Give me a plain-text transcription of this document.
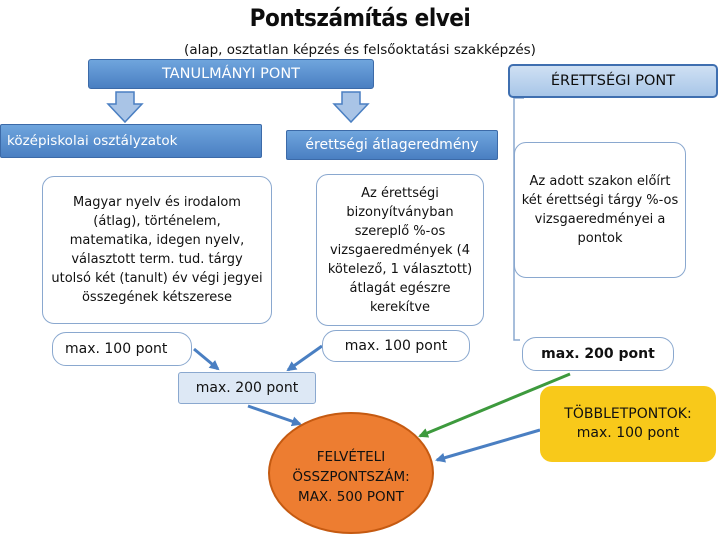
Pontszámítás elvei
(alap, osztatlan képzés és felsőoktatási szakképzés)
TANULMÁNYI PONT	ÉRETTSÉGI PONT
középiskolai osztályzatok	érettségi átlageredmény
Magyar nyelv és irodalom (átlag), történelem, matematika, idegen nyelv, választott term. tud. tárgy utolsó két (tanult) év végi jegyei összegének kétszerese
Az érettségi bizonyítványban szereplő %-os vizsgaeredmények (4 kötelező, 1 választott) átlagát egészre kerekítve
Az adott szakon előírt két érettségi tárgy %-os vizsgaeredményei a pontok
max. 100 pont	max. 100 pont	max. 200 pont
max. 200 pont
TÖBBLETPONTOK:
max. 100 pont
FELVÉTELI ÖSSZPONTSZÁM: MAX. 500 PONT
